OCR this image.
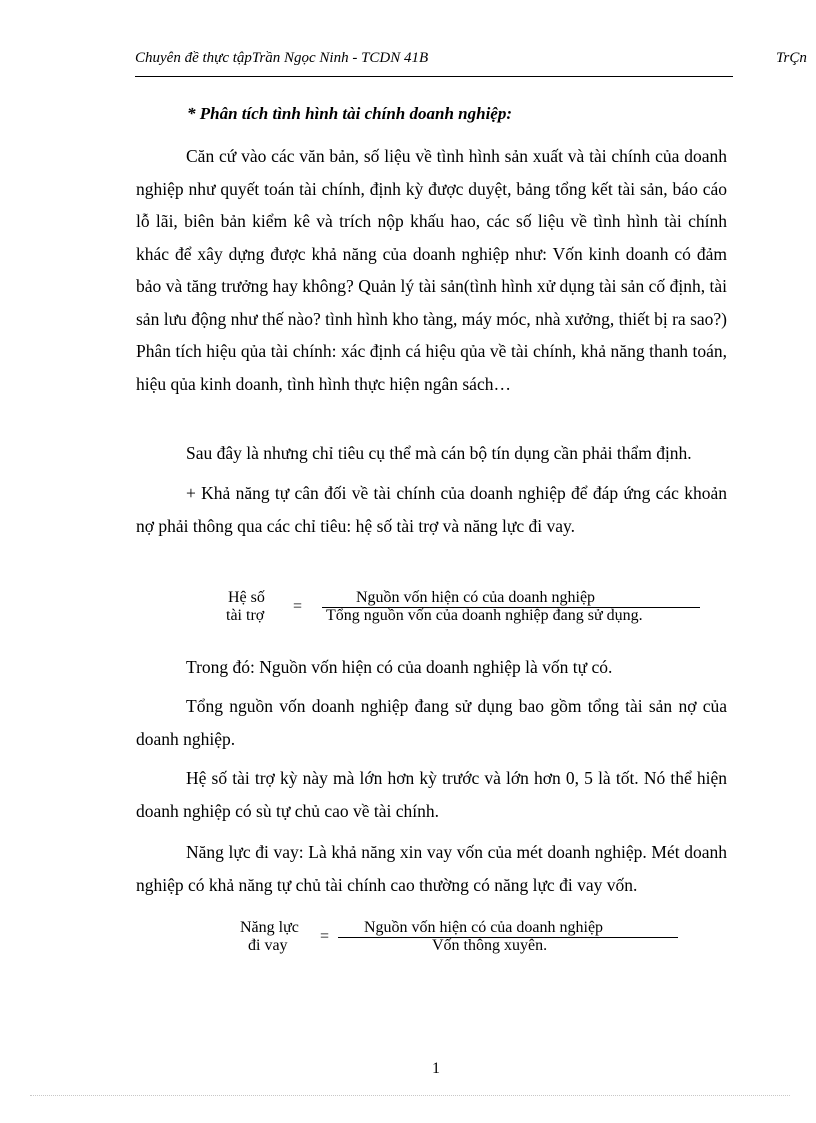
Chuyên đề thực tậpTrần Ngọc Ninh - TCDN 41B	TrÇn
* Phân tích tình hình tài chính doanh nghiệp:

Căn cứ vào các văn bản, số liệu về tình hình sản xuất và tài chính của doanh nghiệp như quyết toán tài chính, định kỳ được duyệt, bảng tổng kết tài sản, báo cáo lỗ lãi, biên bản kiểm kê và trích nộp khấu hao, các số liệu về tình hình tài chính khác để xây dựng được khả năng của doanh nghiệp như: Vốn kinh doanh có đảm bảo và tăng trưởng hay không? Quản lý tài sản(tình hình xử dụng tài sản cố định, tài sản lưu động như thế nào? tình hình kho tàng, máy móc, nhà xưởng, thiết bị ra sao?) Phân tích hiệu qủa tài chính: xác định cá hiệu qủa về tài chính, khả năng thanh toán, hiệu qủa kinh doanh, tình hình thực hiện ngân sách…

Sau đây là nhưng chỉ tiêu cụ thể mà cán bộ tín dụng cần phải thẩm định.

+ Khả năng tự cân đối về tài chính của doanh nghiệp để đáp ứng các khoản nợ phải thông qua các chỉ tiêu: hệ số tài trợ và năng lực đi vay.

Hệ số
tài trợ
=
Nguồn vốn hiện có của doanh nghiệp
Tổng nguồn vốn của doanh nghiệp đang sử dụng.

Trong đó: Nguồn vốn hiện có của doanh nghiệp là vốn tự có.

Tổng nguồn vốn doanh nghiệp đang sử dụng bao gồm tổng tài sản nợ của doanh nghiệp.

Hệ số tài trợ kỳ này mà lớn hơn kỳ trước và lớn hơn 0, 5 là tốt. Nó thể hiện doanh nghiệp có sù tự chủ cao về tài chính.

Năng lực đi vay: Là khả năng xin vay vốn của mét doanh nghiệp. Mét doanh nghiệp có khả năng tự chủ tài chính cao thường có năng lực đi vay vốn.

Năng lực
đi vay
=
Nguồn vốn hiện có của doanh nghiệp
Vốn thông xuyên.
1
